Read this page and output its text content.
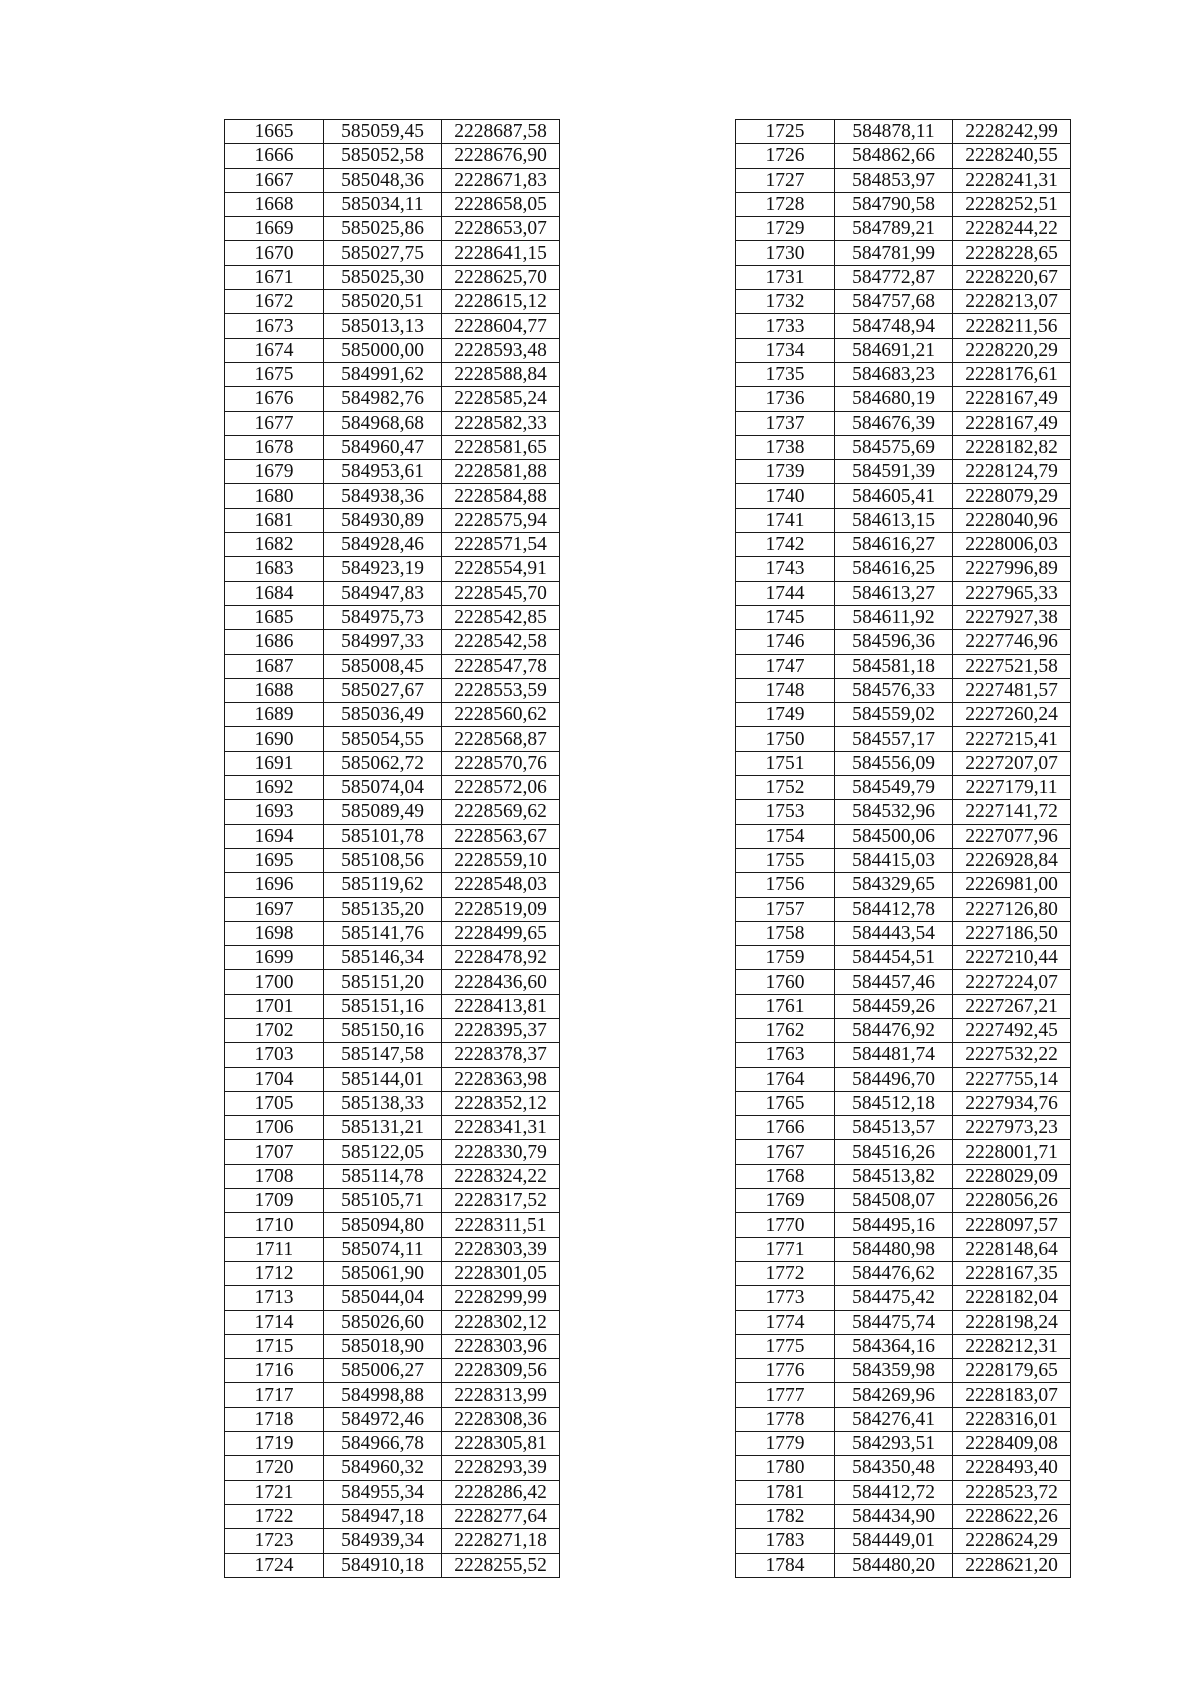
1665	585059,45	2228687,58
1666	585052,58	2228676,90
1667	585048,36	2228671,83
1668	585034,11	2228658,05
1669	585025,86	2228653,07
1670	585027,75	2228641,15
1671	585025,30	2228625,70
1672	585020,51	2228615,12
1673	585013,13	2228604,77
1674	585000,00	2228593,48
1675	584991,62	2228588,84
1676	584982,76	2228585,24
1677	584968,68	2228582,33
1678	584960,47	2228581,65
1679	584953,61	2228581,88
1680	584938,36	2228584,88
1681	584930,89	2228575,94
1682	584928,46	2228571,54
1683	584923,19	2228554,91
1684	584947,83	2228545,70
1685	584975,73	2228542,85
1686	584997,33	2228542,58
1687	585008,45	2228547,78
1688	585027,67	2228553,59
1689	585036,49	2228560,62
1690	585054,55	2228568,87
1691	585062,72	2228570,76
1692	585074,04	2228572,06
1693	585089,49	2228569,62
1694	585101,78	2228563,67
1695	585108,56	2228559,10
1696	585119,62	2228548,03
1697	585135,20	2228519,09
1698	585141,76	2228499,65
1699	585146,34	2228478,92
1700	585151,20	2228436,60
1701	585151,16	2228413,81
1702	585150,16	2228395,37
1703	585147,58	2228378,37
1704	585144,01	2228363,98
1705	585138,33	2228352,12
1706	585131,21	2228341,31
1707	585122,05	2228330,79
1708	585114,78	2228324,22
1709	585105,71	2228317,52
1710	585094,80	2228311,51
1711	585074,11	2228303,39
1712	585061,90	2228301,05
1713	585044,04	2228299,99
1714	585026,60	2228302,12
1715	585018,90	2228303,96
1716	585006,27	2228309,56
1717	584998,88	2228313,99
1718	584972,46	2228308,36
1719	584966,78	2228305,81
1720	584960,32	2228293,39
1721	584955,34	2228286,42
1722	584947,18	2228277,64
1723	584939,34	2228271,18
1724	584910,18	2228255,52
1725	584878,11	2228242,99
1726	584862,66	2228240,55
1727	584853,97	2228241,31
1728	584790,58	2228252,51
1729	584789,21	2228244,22
1730	584781,99	2228228,65
1731	584772,87	2228220,67
1732	584757,68	2228213,07
1733	584748,94	2228211,56
1734	584691,21	2228220,29
1735	584683,23	2228176,61
1736	584680,19	2228167,49
1737	584676,39	2228167,49
1738	584575,69	2228182,82
1739	584591,39	2228124,79
1740	584605,41	2228079,29
1741	584613,15	2228040,96
1742	584616,27	2228006,03
1743	584616,25	2227996,89
1744	584613,27	2227965,33
1745	584611,92	2227927,38
1746	584596,36	2227746,96
1747	584581,18	2227521,58
1748	584576,33	2227481,57
1749	584559,02	2227260,24
1750	584557,17	2227215,41
1751	584556,09	2227207,07
1752	584549,79	2227179,11
1753	584532,96	2227141,72
1754	584500,06	2227077,96
1755	584415,03	2226928,84
1756	584329,65	2226981,00
1757	584412,78	2227126,80
1758	584443,54	2227186,50
1759	584454,51	2227210,44
1760	584457,46	2227224,07
1761	584459,26	2227267,21
1762	584476,92	2227492,45
1763	584481,74	2227532,22
1764	584496,70	2227755,14
1765	584512,18	2227934,76
1766	584513,57	2227973,23
1767	584516,26	2228001,71
1768	584513,82	2228029,09
1769	584508,07	2228056,26
1770	584495,16	2228097,57
1771	584480,98	2228148,64
1772	584476,62	2228167,35
1773	584475,42	2228182,04
1774	584475,74	2228198,24
1775	584364,16	2228212,31
1776	584359,98	2228179,65
1777	584269,96	2228183,07
1778	584276,41	2228316,01
1779	584293,51	2228409,08
1780	584350,48	2228493,40
1781	584412,72	2228523,72
1782	584434,90	2228622,26
1783	584449,01	2228624,29
1784	584480,20	2228621,20
